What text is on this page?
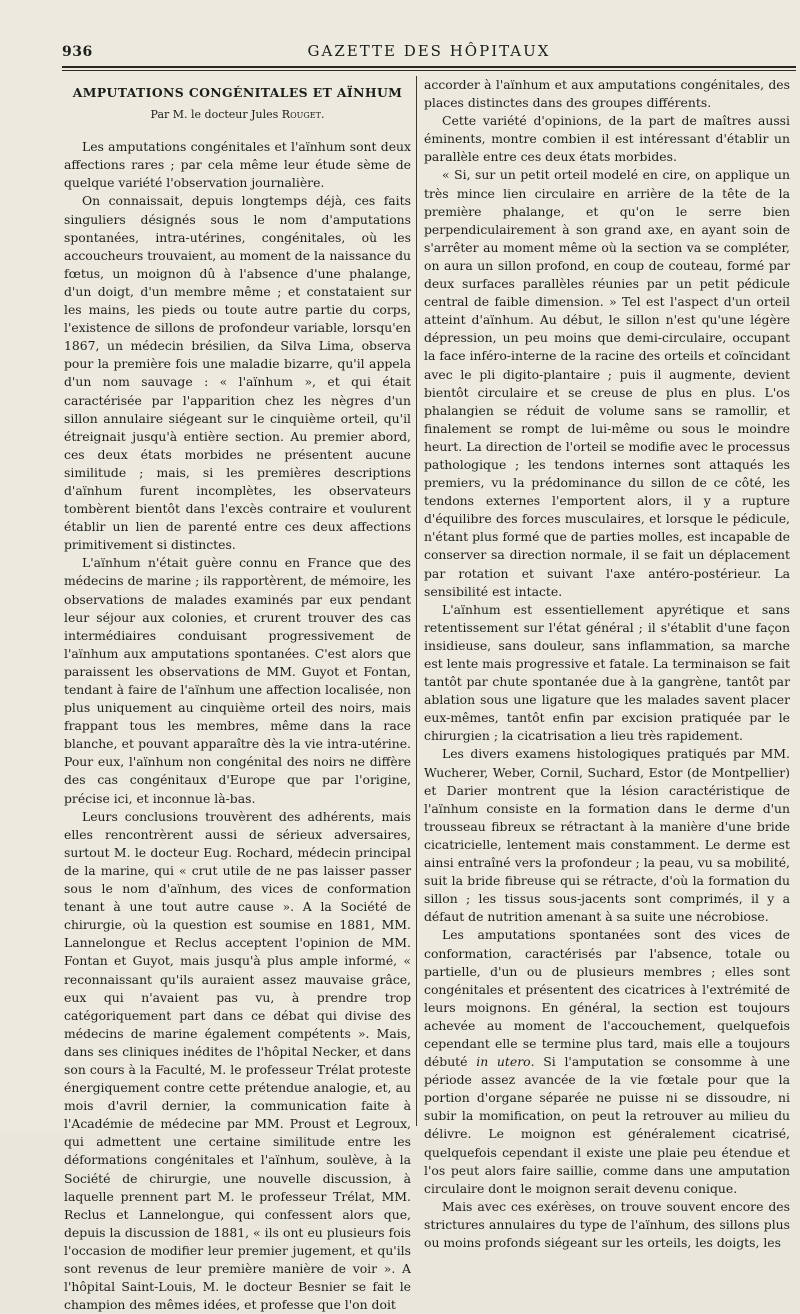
936	GAZETTE DES HÔPITAUX
AMPUTATIONS CONGÉNITALES ET AÏNHUM
Par M. le docteur Jules Rouget.

Les amputations congénitales et l'aïnhum sont deux affections rares ; par cela même leur étude sème de quelque variété l'observation journalière.

On connaissait, depuis longtemps déjà, ces faits singuliers désignés sous le nom d'amputations spontanées, intra-utérines, congénitales, où les accoucheurs trouvaient, au moment de la naissance du fœtus, un moignon dû à l'absence d'une phalange, d'un doigt, d'un membre même ; et constataient sur les mains, les pieds ou toute autre partie du corps, l'existence de sillons de profondeur variable, lorsqu'en 1867, un médecin brésilien, da Silva Lima, observa pour la première fois une maladie bizarre, qu'il appela d'un nom sauvage : « l'aïnhum », et qui était caractérisée par l'apparition chez les nègres d'un sillon annulaire siégeant sur le cinquième orteil, qu'il étreignait jusqu'à entière section. Au premier abord, ces deux états morbides ne présentent aucune similitude ; mais, si les premières descriptions d'aïnhum furent incomplètes, les observateurs tombèrent bientôt dans l'excès contraire et voulurent établir un lien de parenté entre ces deux affections primitivement si distinctes.

L'aïnhum n'était guère connu en France que des médecins de marine ; ils rapportèrent, de mémoire, les observations de malades examinés par eux pendant leur séjour aux colonies, et crurent trouver des cas intermédiaires conduisant progressivement de l'aïnhum aux amputations spontanées. C'est alors que paraissent les observations de MM. Guyot et Fontan, tendant à faire de l'aïnhum une affection localisée, non plus uniquement au cinquième orteil des noirs, mais frappant tous les membres, même dans la race blanche, et pouvant apparaître dès la vie intra-utérine. Pour eux, l'aïnhum non congénital des noirs ne diffère des cas congénitaux d'Europe que par l'origine, précise ici, et inconnue là-bas.

Leurs conclusions trouvèrent des adhérents, mais elles rencontrèrent aussi de sérieux adversaires, surtout M. le docteur Eug. Rochard, médecin principal de la marine, qui « crut utile de ne pas laisser passer sous le nom d'aïnhum, des vices de conformation tenant à une tout autre cause ». A la Société de chirurgie, où la question est soumise en 1881, MM. Lannelongue et Reclus acceptent l'opinion de MM. Fontan et Guyot, mais jusqu'à plus ample informé, « reconnaissant qu'ils auraient assez mauvaise grâce, eux qui n'avaient pas vu, à prendre trop catégoriquement part dans ce débat qui divise des médecins de marine également compétents ». Mais, dans ses cliniques inédites de l'hôpital Necker, et dans son cours à la Faculté, M. le professeur Trélat proteste énergiquement contre cette prétendue analogie, et, au mois d'avril dernier, la communication faite à l'Académie de médecine par MM. Proust et Legroux, qui admettent une certaine similitude entre les déformations congénitales et l'aïnhum, soulève, à la Société de chirurgie, une nouvelle discussion, à laquelle prennent part M. le professeur Trélat, MM. Reclus et Lannelongue, qui confessent alors que, depuis la discussion de 1881, « ils ont eu plusieurs fois l'occasion de modifier leur premier jugement, et qu'ils sont revenus de leur première manière de voir ». A l'hôpital Saint-Louis, M. le docteur Besnier se fait le champion des mêmes idées, et professe que l'on doit

accorder à l'aïnhum et aux amputations congénitales, des places distinctes dans des groupes différents.

Cette variété d'opinions, de la part de maîtres aussi éminents, montre combien il est intéressant d'établir un parallèle entre ces deux états morbides.

« Si, sur un petit orteil modelé en cire, on applique un très mince lien circulaire en arrière de la tête de la première phalange, et qu'on le serre bien perpendiculairement à son grand axe, en ayant soin de s'arrêter au moment même où la section va se compléter, on aura un sillon profond, en coup de couteau, formé par deux surfaces parallèles réunies par un petit pédicule central de faible dimension. » Tel est l'aspect d'un orteil atteint d'aïnhum. Au début, le sillon n'est qu'une légère dépression, un peu moins que demi-circulaire, occupant la face inféro-interne de la racine des orteils et coïncidant avec le pli digito-plantaire ; puis il augmente, devient bientôt circulaire et se creuse de plus en plus. L'os phalangien se réduit de volume sans se ramollir, et finalement se rompt de lui-même ou sous le moindre heurt. La direction de l'orteil se modifie avec le processus pathologique ; les tendons internes sont attaqués les premiers, vu la prédominance du sillon de ce côté, les tendons externes l'emportent alors, il y a rupture d'équilibre des forces musculaires, et lorsque le pédicule, n'étant plus formé que de parties molles, est incapable de conserver sa direction normale, il se fait un déplacement par rotation et suivant l'axe antéro-postérieur. La sensibilité est intacte.

L'aïnhum est essentiellement apyrétique et sans retentissement sur l'état général ; il s'établit d'une façon insidieuse, sans douleur, sans inflammation, sa marche est lente mais progressive et fatale. La terminaison se fait tantôt par chute spontanée due à la gangrène, tantôt par ablation sous une ligature que les malades savent placer eux-mêmes, tantôt enfin par excision pratiquée par le chirurgien ; la cicatrisation a lieu très rapidement.

Les divers examens histologiques pratiqués par MM. Wucherer, Weber, Cornil, Suchard, Estor (de Montpellier) et Darier montrent que la lésion caractéristique de l'aïnhum consiste en la formation dans le derme d'un trousseau fibreux se rétractant à la manière d'une bride cicatricielle, lentement mais constamment. Le derme est ainsi entraîné vers la profondeur ; la peau, vu sa mobilité, suit la bride fibreuse qui se rétracte, d'où la formation du sillon ; les tissus sous-jacents sont comprimés, il y a défaut de nutrition amenant à sa suite une nécrobiose.

Les amputations spontanées sont des vices de conformation, caractérisés par l'absence, totale ou partielle, d'un ou de plusieurs membres ; elles sont congénitales et présentent des cicatrices à l'extrémité de leurs moignons. En général, la section est toujours achevée au moment de l'accouchement, quelquefois cependant elle se termine plus tard, mais elle a toujours débuté in utero. Si l'amputation se consomme à une période assez avancée de la vie fœtale pour que la portion d'organe séparée ne puisse ni se dissoudre, ni subir la momification, on peut la retrouver au milieu du délivre. Le moignon est généralement cicatrisé, quelquefois cependant il existe une plaie peu étendue et l'os peut alors faire saillie, comme dans une amputation circulaire dont le moignon serait devenu conique.

Mais avec ces exérèses, on trouve souvent encore des strictures annulaires du type de l'aïnhum, des sillons plus ou moins profonds siégeant sur les orteils, les doigts, les
